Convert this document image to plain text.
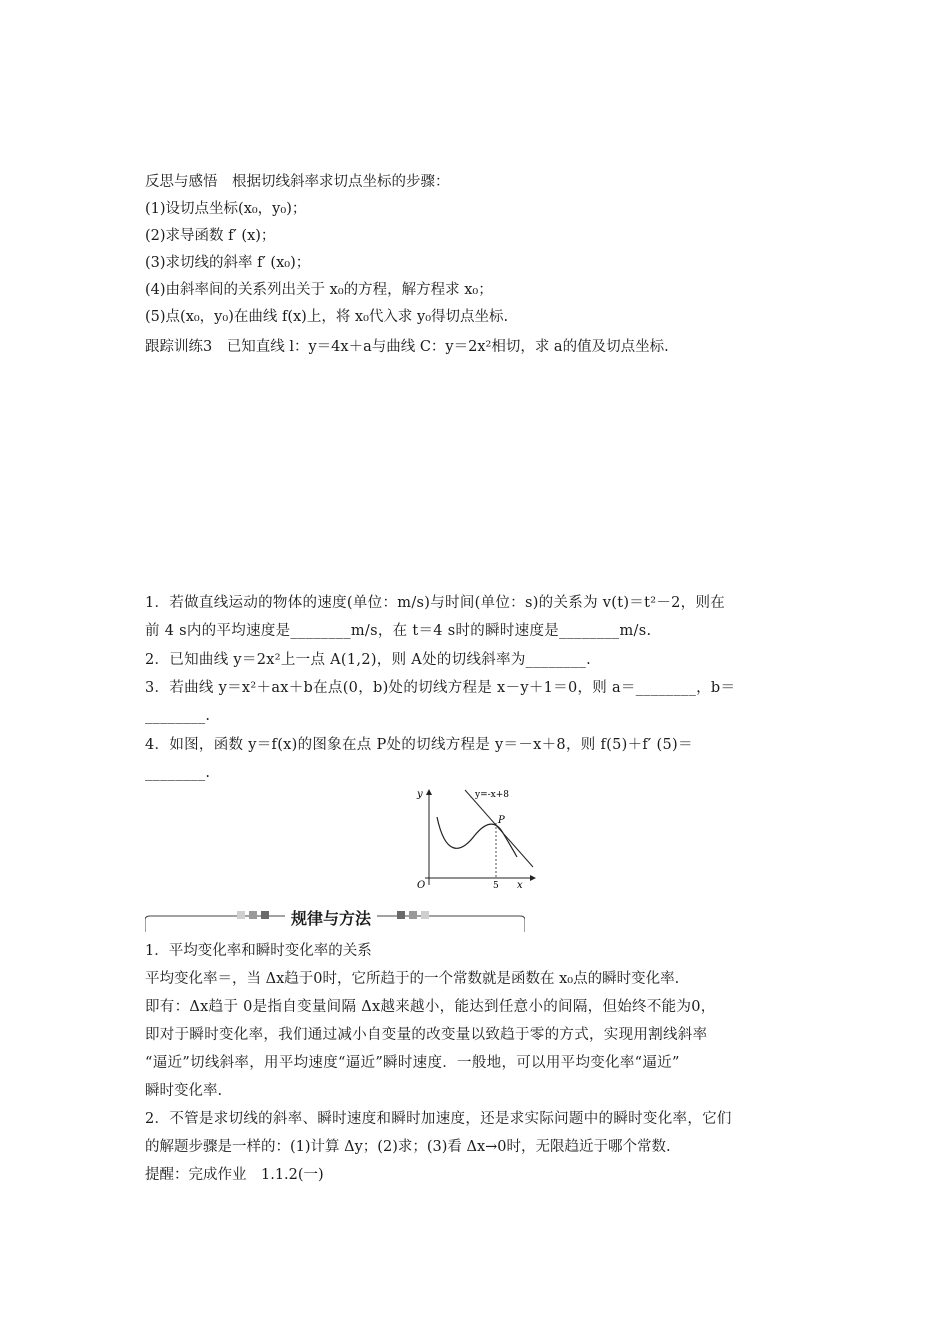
反思与感悟　根据切线斜率求切点坐标的步骤：
(1)设切点坐标(x₀，y₀)；
(2)求导函数 f′ (x)；
(3)求切线的斜率 f′ (x₀)；
(4)由斜率间的关系列出关于 x₀的方程，解方程求 x₀；
(5)点(x₀，y₀)在曲线 f(x)上，将 x₀代入求 y₀得切点坐标.
跟踪训练3　已知直线 l：y＝4x＋a与曲线 C：y＝2x²相切，求 a的值及切点坐标.
1．若做直线运动的物体的速度(单位：m/s)与时间(单位：s)的关系为 v(t)＝t²－2，则在
前 4 s内的平均速度是________m/s，在 t＝4 s时的瞬时速度是________m/s.
2．已知曲线 y＝2x²上一点 A(1,2)，则 A处的切线斜率为________.
3．若曲线 y＝x²＋ax＋b在点(0，b)处的切线方程是 x－y＋1＝0，则 a＝________，b＝
________.
4．如图，函数 y＝f(x)的图象在点 P处的切线方程是 y＝－x＋8，则 f(5)＋f′ (5)＝
________.
y
x
O
y=-x+8
P
5
规律与方法
1．平均变化率和瞬时变化率的关系
平均变化率＝，当 Δx趋于0时，它所趋于的一个常数就是函数在 x₀点的瞬时变化率.
即有：Δx趋于 0是指自变量间隔 Δx越来越小，能达到任意小的间隔，但始终不能为0，
即对于瞬时变化率，我们通过减小自变量的改变量以致趋于零的方式，实现用割线斜率
“逼近”切线斜率，用平均速度“逼近”瞬时速度．一般地，可以用平均变化率“逼近”
瞬时变化率.
2．不管是求切线的斜率、瞬时速度和瞬时加速度，还是求实际问题中的瞬时变化率，它们
的解题步骤是一样的：(1)计算 Δy；(2)求；(3)看 Δx→0时，无限趋近于哪个常数.
提醒：完成作业　1.1.2(一)
